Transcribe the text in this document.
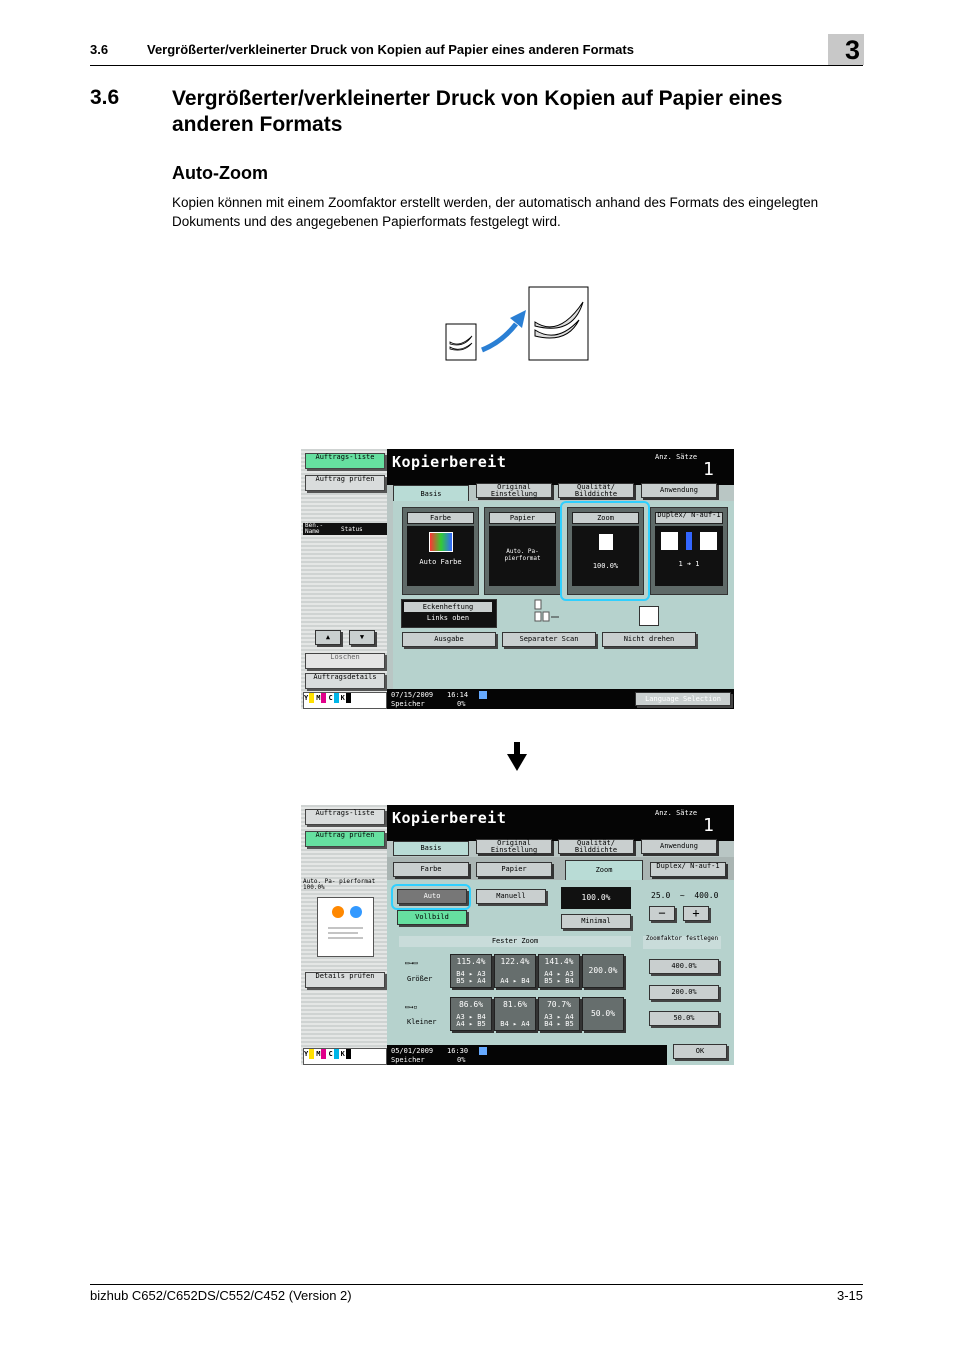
3.6	Vergrößerter/verkleinerter Druck von Kopien auf Papier eines anderen Formats	3
3.6	Vergrößerter/verkleinerter Druck von Kopien auf Papier eines anderen Formats
Auto-Zoom
Kopien können mit einem Zoomfaktor erstellt werden, der automatisch anhand des Formats des eingelegten Dokuments und des angegebenen Papierformats festgelegt wird.
Auftrags-liste
Auftrag prüfen
Ben.-Name	Status
▲	▼
Löschen
Auftragsdetails
Y M C K
Kopierbereit	Anz. Sätze
1
Basis
Original Einstellung
Qualität/ Bilddichte	Anwendung
Farbe
Auto Farbe
Papier
Auto. Pa- pierformat
Zoom
100.0%
Duplex/ N-auf-1
1 ➔ 1
Eckenheftung
Links oben
Ausgabe	Separater Scan	Nicht drehen
07/15/2009 16:14
Speicher	0%
Language Selection
Auftrags-liste
Auftrag prüfen
Auto. Pa- pierformat 100.0%
Details prüfen
Y M C K
Kopierbereit	Anz. Sätze
1
Basis
Original Einstellung
Qualität/ Bilddichte	Anwendung
Farbe	Papier	Zoom	Duplex/ N-auf-1
Auto	Manuell
Vollbild
100.0%
Minimal
25.0  ~  400.0
−	+
Fester Zoom
▭→▭
Größer
▭→▫
Kleiner
115.4%
B4 ▸ A3 B5 ▸ A4
122.4%
A4 ▸ B4
141.4%
A4 ▸ A3 B5 ▸ B4
200.0%
86.6%
A3 ▸ B4 A4 ▸ B5
81.6%
B4 ▸ A4
70.7%
A3 ▸ A4 B4 ▸ B5
50.0%
Zoomfaktor festlegen
400.0%
200.0%
50.0%
05/01/2009 16:30
Speicher	0%
OK
bizhub C652/C652DS/C552/C452 (Version 2)	3-15
